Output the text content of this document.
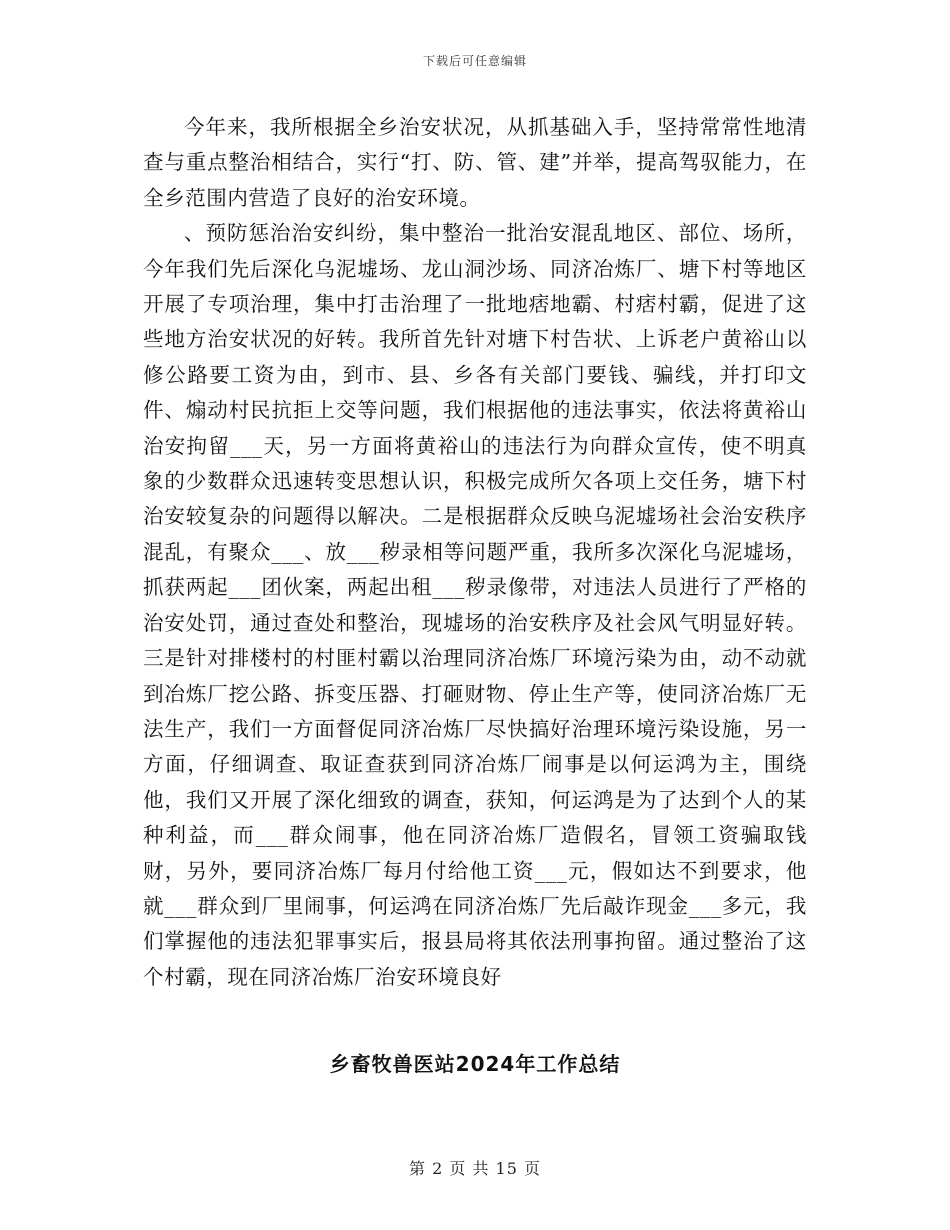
下载后可任意编辑

今年来，我所根据全乡治安状况，从抓基础入手，坚持常常性地清查与重点整治相结合，实行“打、防、管、建”并举，提高驾驭能力，在全乡范围内营造了良好的治安环境。

、预防惩治治安纠纷，集中整治一批治安混乱地区、部位、场所，今年我们先后深化乌泥墟场、龙山洞沙场、同济冶炼厂、塘下村等地区开展了专项治理，集中打击治理了一批地痞地霸、村痞村霸，促进了这些地方治安状况的好转。我所首先针对塘下村告状、上诉老户黄裕山以修公路要工资为由，到市、县、乡各有关部门要钱、骗线，并打印文件、煽动村民抗拒上交等问题，我们根据他的违法事实，依法将黄裕山治安拘留___天，另一方面将黄裕山的违法行为向群众宣传，使不明真象的少数群众迅速转变思想认识，积极完成所欠各项上交任务，塘下村治安较复杂的问题得以解决。二是根据群众反映乌泥墟场社会治安秩序混乱，有聚众___、放___秽录相等问题严重，我所多次深化乌泥墟场，抓获两起___团伙案，两起出租___秽录像带，对违法人员进行了严格的治安处罚，通过查处和整治，现墟场的治安秩序及社会风气明显好转。三是针对排楼村的村匪村霸以治理同济冶炼厂环境污染为由，动不动就到冶炼厂挖公路、拆变压器、打砸财物、停止生产等，使同济冶炼厂无法生产，我们一方面督促同济冶炼厂尽快搞好治理环境污染设施，另一方面，仔细调查、取证查获到同济冶炼厂闹事是以何运鸿为主，围绕他，我们又开展了深化细致的调查，获知，何运鸿是为了达到个人的某种利益，而___群众闹事，他在同济冶炼厂造假名，冒领工资骗取钱财，另外，要同济冶炼厂每月付给他工资___元，假如达不到要求，他就___群众到厂里闹事，何运鸿在同济冶炼厂先后敲诈现金___多元，我们掌握他的违法犯罪事实后，报县局将其依法刑事拘留。通过整治了这个村霸，现在同济冶炼厂治安环境良好

乡畜牧兽医站2024年工作总结
第 2 页 共 15 页
